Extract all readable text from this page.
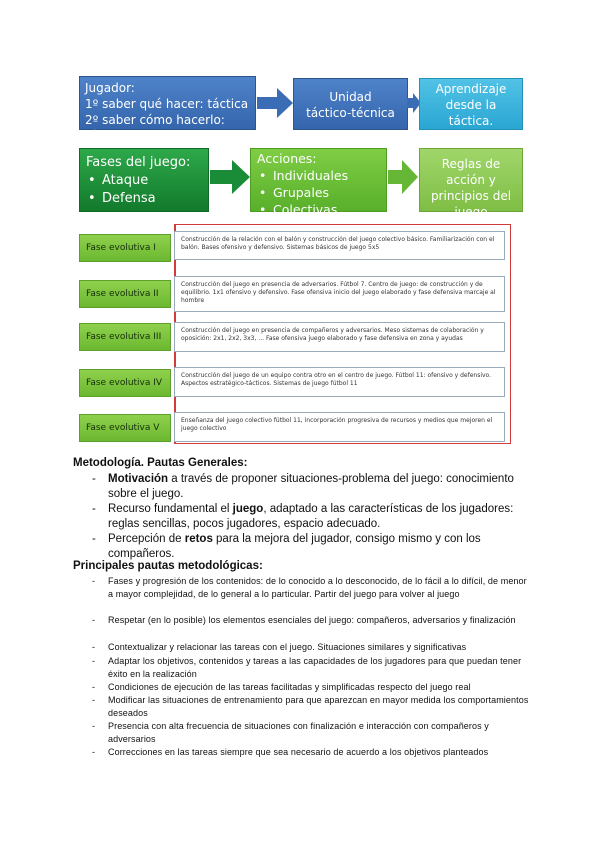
Jugador:
1º saber qué hacer: táctica
2º saber cómo hacerlo: técnica
Unidad
táctico-técnica
Aprendizaje
desde la táctica.
Técnica=medio
Fases del juego:
• Ataque
• Defensa
Acciones:
• Individuales
• Grupales
• Colectivas
Reglas de acción y
principios del
juego
Fase evolutiva I
Construcción de la relación con el balón y construcción del juego colectivo básico. Familiarización con el balón. Bases ofensivo y defensivo. Sistemas básicos de juego 5x5
Fase evolutiva II
Construcción del juego en presencia de adversarios. Fútbol 7. Centro de juego: de construcción y de equilibrio. 1x1 ofensivo y defensivo. Fase ofensiva inicio del juego elaborado y fase defensiva marcaje al hombre
Fase evolutiva III
Construcción del juego en presencia de compañeros y adversarios. Meso sistemas de colaboración y oposición: 2x1, 2x2, 3x3, ... Fase ofensiva juego elaborado y fase defensiva en zona y ayudas
Fase evolutiva IV
Construcción del juego de un equipo contra otro en el centro de juego. Fútbol 11: ofensivo y defensivo. Aspectos estratégico-tácticos. Sistemas de juego fútbol 11
Fase evolutiva V
Enseñanza del juego colectivo fútbol 11, incorporación progresiva de recursos y medios que mejoren el juego colectivo
Metodología. Pautas Generales:
-	Motivación a través de proponer situaciones-problema del juego: conocimiento sobre el juego.
-	Recurso fundamental el juego, adaptado a las características de los jugadores: reglas sencillas, pocos jugadores, espacio adecuado.
-	Percepción de retos para la mejora del jugador, consigo mismo y con los compañeros.
Principales pautas metodológicas:
-	Fases y progresión de los contenidos: de lo conocido a lo desconocido, de lo fácil a lo difícil, de menor a mayor complejidad, de lo general a lo particular. Partir del juego para volver al juego
-	Respetar (en lo posible) los elementos esenciales del juego: compañeros, adversarios y finalización
-	Contextualizar y relacionar las tareas con el juego. Situaciones similares y significativas
-	Adaptar los objetivos, contenidos y tareas a las capacidades de los jugadores para que puedan tener éxito en la realización
-	Condiciones de ejecución de las tareas facilitadas y simplificadas respecto del juego real
-	Modificar las situaciones de entrenamiento para que aparezcan en mayor medida los comportamientos deseados
-	Presencia con alta frecuencia de situaciones con finalización e interacción con compañeros y adversarios
-	Correcciones en las tareas siempre que sea necesario de acuerdo a los objetivos planteados
